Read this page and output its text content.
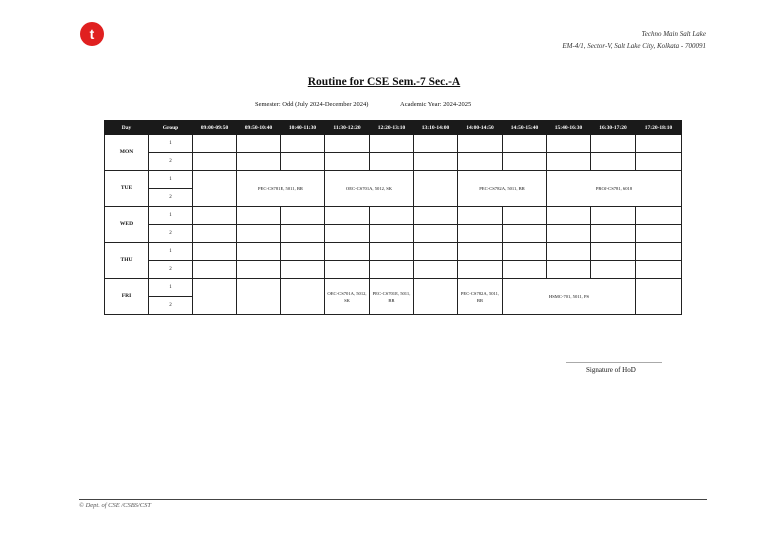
t	Techno Main Salt Lake
EM-4/1, Sector-V, Salt Lake City, Kolkata - 700091
Routine for CSE Sem.-7 Sec.-A
Semester: Odd (July 2024-December 2024)	Academic Year: 2024-2025
Day	Group	09:00-09:50	09:50-10:40	10:40-11:30	11:30-12:20	12:20-13:10	13:10-14:00	14:00-14:50	14:50-15:40	15:40-16:30	16:30-17:20	17:20-18:10
MON	1											
	2											
TUE	1		PEC-CS781E, 5011, BR		OEC-CS701A, 5012, SK			PEC-CS782A, 5011, BR		PROJ-CS781, 6018		
	2											
WED	1											
	2											
THU	1											
	2											
FRI	1				OEC-CS701A, 5012, SK	PEC-CS701E, 5011, BR		PEC-CS782A, 5011, BR	HSMC-701, 5011, PS			
	2											
Signature of HoD
© Dept. of CSE /CSBS/CST
